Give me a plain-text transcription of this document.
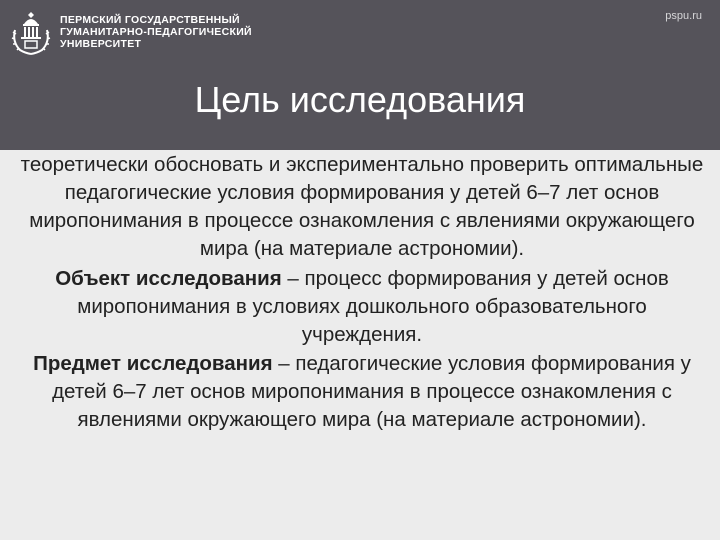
ПЕРМСКИЙ ГОСУДАРСТВЕННЫЙ
ГУМАНИТАРНО-ПЕДАГОГИЧЕСКИЙ
УНИВЕРСИТЕТ
pspu.ru
Цель исследования

теоретически обосновать и экспериментально проверить оптимальные педагогические условия формирования у детей 6–7 лет основ миропонимания в процессе ознакомления с явлениями окружающего мира (на материале астрономии).

Объект исследования – процесс формирования у детей основ миропонимания в условиях дошкольного образовательного учреждения.

Предмет исследования – педагогические условия формирования у детей 6–7 лет основ миропонимания в процессе ознакомления с явлениями окружающего мира (на материале астрономии).
